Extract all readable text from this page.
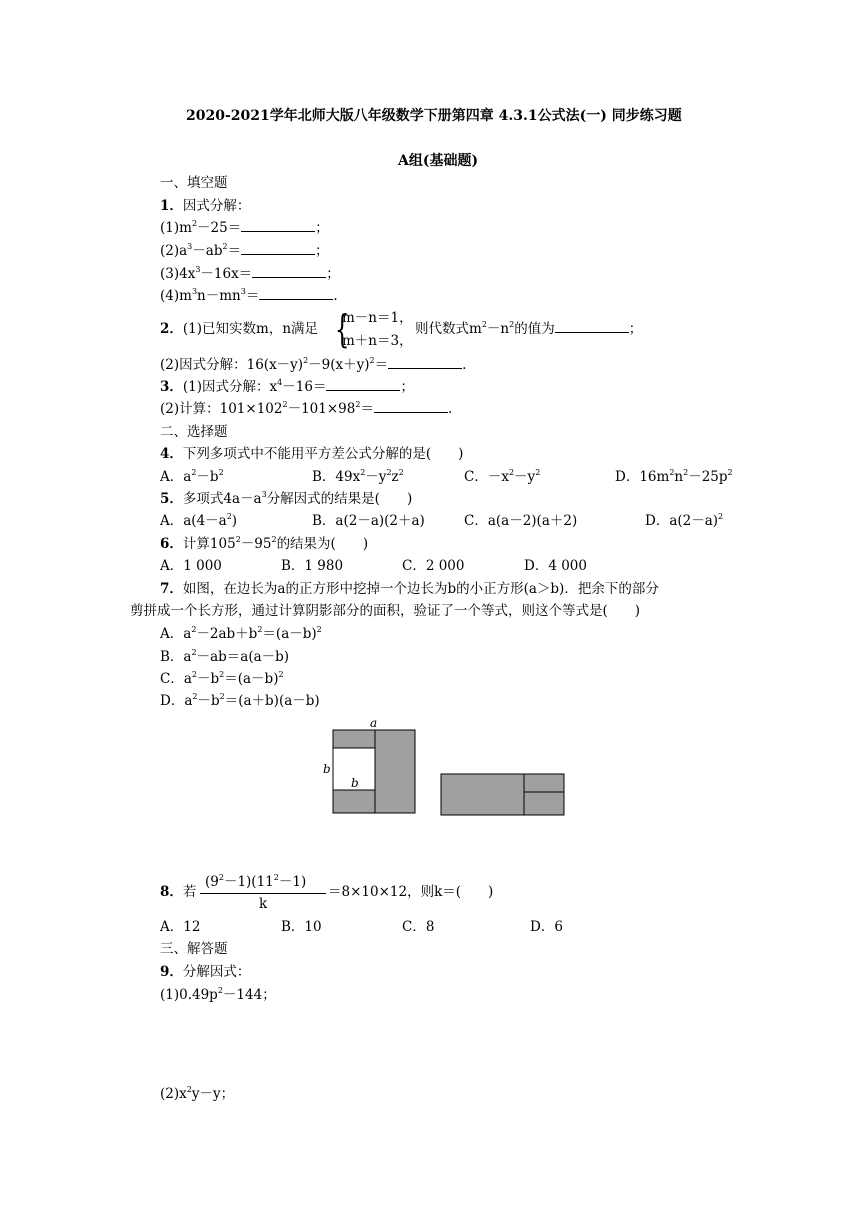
2020-2021学年北师大版八年级数学下册第四章 4.3.1公式法(一) 同步练习题
A组(基础题)
一、填空题
1．因式分解：
$(1)m^2-25=$	；
$(2)a^3-ab^2=$	；
$(3)4x^3-16x=$	；
$(4)m^3n-mn^3=$	.
2．(1)已知实数m，n满足 {
m－n＝1，
m＋n＝3，
则代数式$m^2-n^2$的值为	；
(2)因式分解：$16(x-y)^2-9(x+y)^2=$	.
3．(1)因式分解：$x^4-16=$	；
(2)计算：$101\times 102^2-101\times 98^2=$	.
二、选择题
4．下列多项式中不能用平方差公式分解的是(　　)
A．$a^2-b^2$	B．$49x^2-y^2z^2$	C．$-x^2-y^2$	D．$16m^2n^2-25p^2$
5．多项式$4a-a^3$分解因式的结果是(　　)
A．$a(4-a^2)$	B．a(2－a)(2＋a)	C．a(a－2)(a＋2)	D．$a(2-a)^2$
6．计算$105^2-95^2$的结果为(　　)
A．1 000	B．1 980	C．2 000	D．4 000
7．如图，在边长为a的正方形中挖掉一个边长为b的小正方形(a＞b)．把余下的部分
剪拼成一个长方形，通过计算阴影部分的面积，验证了一个等式，则这个等式是(　　)
A．$a^2-2ab+b^2=(a-b)^2$
B．$a^2-ab=a(a-b)$
C．$a^2-b^2=(a-b)^2$
D．$a^2-b^2=(a+b)(a-b)$
a
b
b
8．若
$(9^2-1)(11^2-1)$
k
＝8×10×12，则k＝(　　)
A．12	B．10	C．8	D．6
三、解答题
9．分解因式：
$(1)0.49p^2-144$；
$(2)x^2y-y$；
